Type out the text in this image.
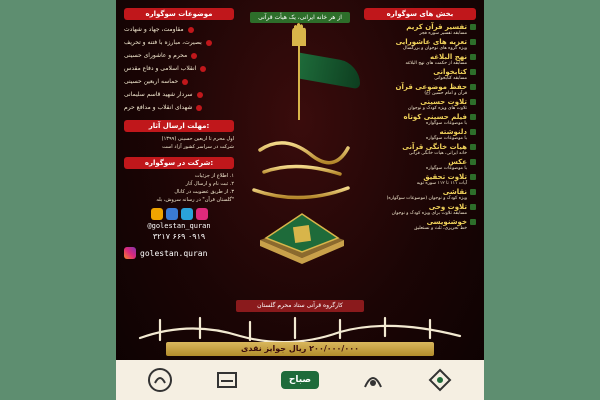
از هر خانه ایرانی، یک هیأت قرآنی
موضوعات سوگواره
مقاومت، جهاد و شهادت
بصیرت، مبارزه با فتنه و تحریف
محرم و عاشورای حسینی
انقلاب اسلامی و دفاع مقدس
حماسه اربعین حسینی
سردار شهید قاسم سلیمانی
شهدای انقلاب و مدافع حرم
مهلت ارسال آثار:
اول محرم تا اربعین حسینی (۱۳۹۹)
شرکت در سراسر کشور آزاد است
شرکت در سوگواره:
۱. اطلاع از جزئیات
۲. ثبت نام و ارسال آثار
۳. از طریق عضویت در کانال
"گلستان قرآن" در رسانه سروش، بله
@golestan_quran
۰۹۱۹ ۶۶۹ ۳۲۱۷
golestan.quran
بخش های سوگواره
تفسیر قرآن کریم
مسابقه تفسیر سوره فجر
تعزیه های عاشورایی
ویژه گروه های نوجوان و بزرگسال
نهج البلاغه
مسابقه از حکمت های نهج البلاغه
کتابخوانی
مسابقه کتابخوانی
حفظ موضوعی قرآن
قرآن و امام حسین (ع)
تلاوت حسینی
تلاوت های ویژه کودک و نوجوان
فیلم حسینی کوتاه
با موضوعات سوگواره
دلنوشته
با موضوعات سوگواره
هیات خانگی قرآنی
خانه ایرانی، هیات خانگی قرآنی
عکس
با موضوعات سوگواره
تلاوت تحقیق
آیات ۱۱۱ تا ۱۱۲ سوره توبه
نقاشی
ویژه کودک و نوجوان (موضوعات سوگواره)
تلاوت وحی
مسابقه تلاوت برای ویژه کودک و نوجوان
خوشنویسی
خط تحریری، ثلث و نستعلیق
کارگروه قرآنی ستاد محرم گلستان
۲۰۰/۰۰۰/۰۰۰ ریال جوایز نقدی
صباح
